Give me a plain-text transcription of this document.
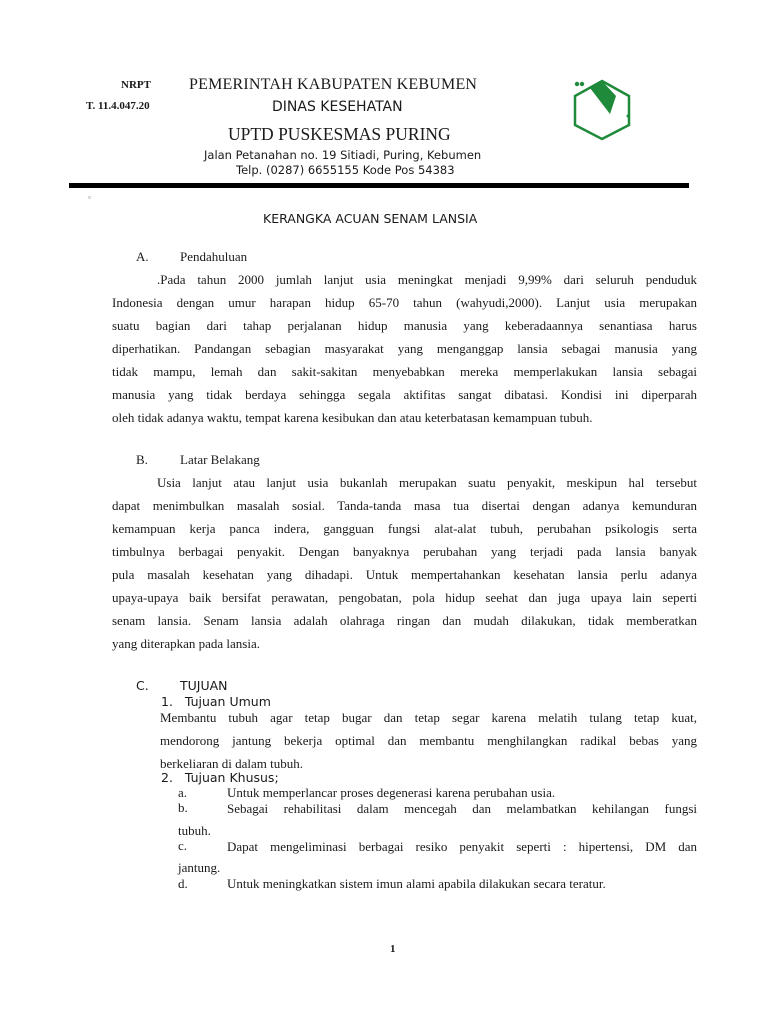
NRPT
T. 11.4.047.20
PEMERINTAH KABUPATEN KEBUMEN
DINAS KESEHATAN
UPTD PUSKESMAS PURING
Jalan Petanahan no. 19 Sitiadi, Puring, Kebumen
Telp. (0287) 6655155 Kode Pos 54383
▫
KERANGKA ACUAN SENAM LANSIA
A. Pendahuluan
.Pada tahun 2000 jumlah lanjut usia meningkat menjadi 9,99% dari seluruh penduduk
Indonesia dengan umur harapan hidup 65-70 tahun (wahyudi,2000). Lanjut usia merupakan
suatu bagian dari tahap perjalanan hidup manusia yang keberadaannya senantiasa harus
diperhatikan. Pandangan sebagian masyarakat yang menganggap lansia sebagai manusia yang
tidak mampu, lemah dan sakit-sakitan menyebabkan mereka memperlakukan lansia sebagai
manusia yang tidak berdaya sehingga segala aktifitas sangat dibatasi. Kondisi ini diperparah
oleh tidak adanya waktu, tempat karena kesibukan dan atau keterbatasan kemampuan tubuh.
B. Latar Belakang
Usia lanjut atau lanjut usia bukanlah merupakan suatu penyakit, meskipun hal tersebut
dapat menimbulkan masalah sosial. Tanda-tanda masa tua disertai dengan adanya kemunduran
kemampuan kerja panca indera, gangguan fungsi alat-alat tubuh, perubahan psikologis serta
timbulnya berbagai penyakit. Dengan banyaknya perubahan yang terjadi pada lansia banyak
pula masalah kesehatan yang dihadapi. Untuk mempertahankan kesehatan lansia perlu adanya
upaya-upaya baik bersifat perawatan, pengobatan, pola hidup seehat dan juga upaya lain seperti
senam lansia. Senam lansia adalah olahraga ringan dan mudah dilakukan, tidak memberatkan
yang diterapkan pada lansia.
C.	TUJUAN
1.   Tujuan Umum
Membantu tubuh agar tetap bugar dan tetap segar karena melatih tulang tetap kuat,
mendorong jantung bekerja optimal dan membantu menghilangkan radikal bebas yang
berkeliaran di dalam tubuh.
2.   Tujuan Khusus;
a.	Untuk memperlancar proses degenerasi karena perubahan usia.
b.	Sebagai rehabilitasi dalam mencegah dan melambatkan kehilangan fungsi
tubuh.
c.	Dapat mengeliminasi berbagai resiko penyakit seperti : hipertensi, DM dan
jantung.
d.	Untuk meningkatkan sistem imun alami apabila dilakukan secara teratur.
1
